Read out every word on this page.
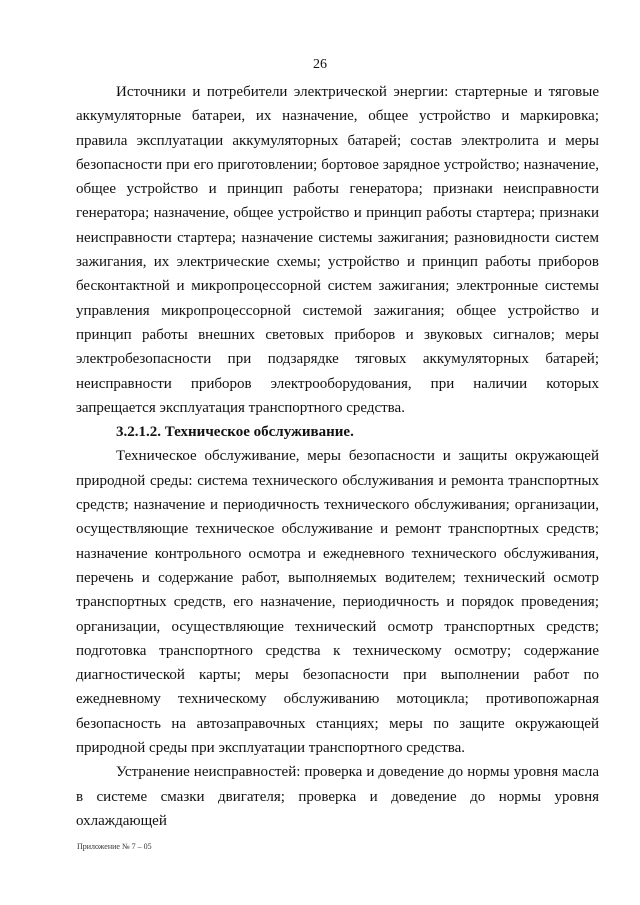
26

Источники и потребители электрической энергии: стартерные и тяговые аккумуляторные батареи, их назначение, общее устройство и маркировка; правила эксплуатации аккумуляторных батарей; состав электролита и меры безопасности при его приготовлении; бортовое зарядное устройство; назначение, общее устройство и принцип работы генератора; признаки неисправности генератора; назначение, общее устройство и принцип работы стартера; признаки неисправности стартера; назначение системы зажигания; разновидности систем зажигания, их электрические схемы; устройство и принцип работы приборов бесконтактной и микропроцессорной систем зажигания; электронные системы управления микропроцессорной системой зажигания; общее устройство и принцип работы внешних световых приборов и звуковых сигналов; меры электробезопасности при подзарядке тяговых аккумуляторных батарей; неисправности приборов электрооборудования, при наличии которых запрещается эксплуатация транспортного средства.

3.2.1.2. Техническое обслуживание.

Техническое обслуживание, меры безопасности и защиты окружающей природной среды: система технического обслуживания и ремонта транспортных средств; назначение и периодичность технического обслуживания; организации, осуществляющие техническое обслуживание и ремонт транспортных средств; назначение контрольного осмотра и ежедневного технического обслуживания, перечень и содержание работ, выполняемых водителем; технический осмотр транспортных средств, его назначение, периодичность и порядок проведения; организации, осуществляющие технический осмотр транспортных средств; подготовка транспортного средства к техническому осмотру; содержание диагностической карты; меры безопасности при выполнении работ по ежедневному техническому обслуживанию мотоцикла; противопожарная безопасность на автозаправочных станциях; меры по защите окружающей природной среды при эксплуатации транспортного средства.

Устранение неисправностей: проверка и доведение до нормы уровня масла в системе смазки двигателя; проверка и доведение до нормы уровня охлаждающей

Приложение № 7 – 05
